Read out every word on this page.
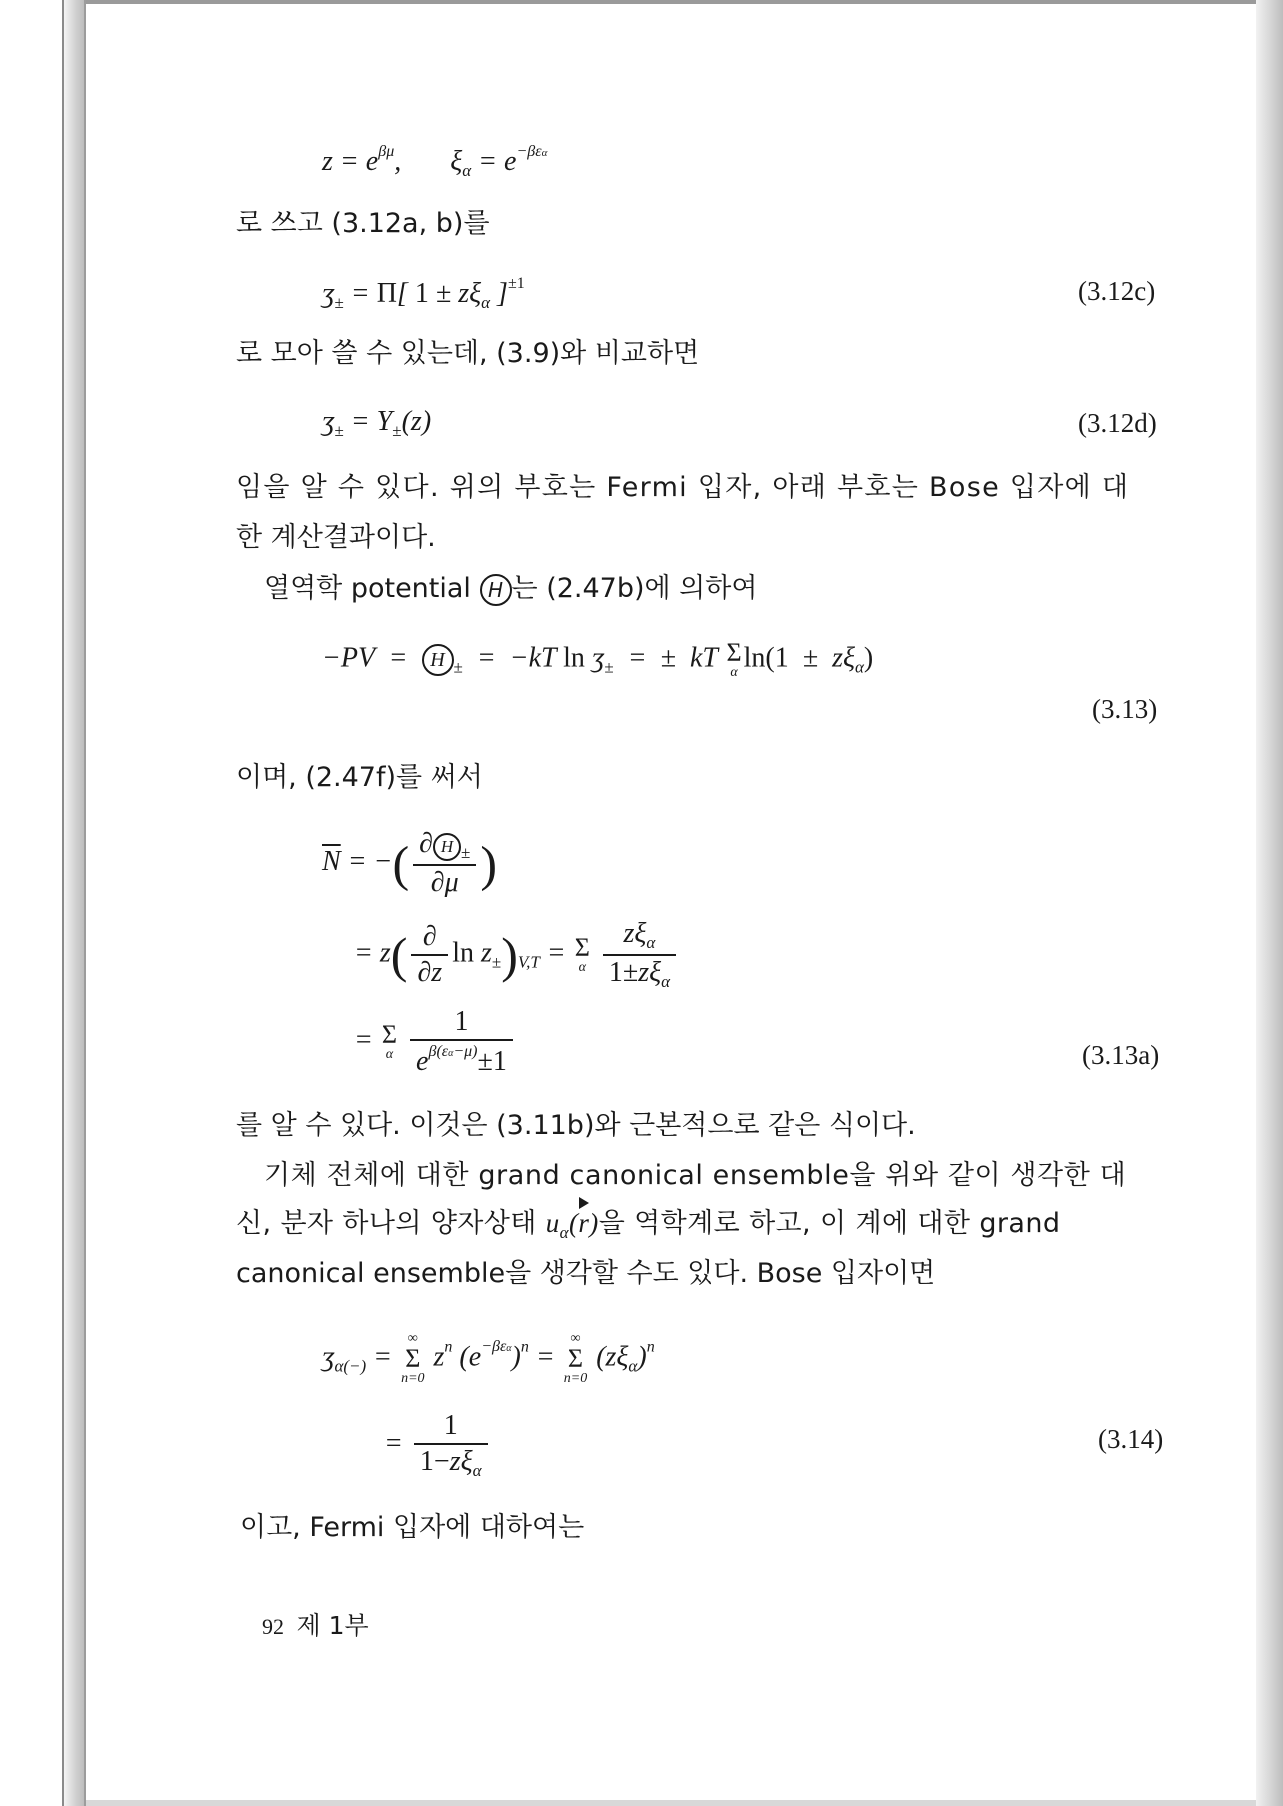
$z = e^{\beta\mu}$,       $\xi_\alpha = e^{-\beta\varepsilon\alpha}$
로 쓰고 (3.12a, b)를
ʒ$_\pm$ = Π[ $1 \pm z\xi_\alpha$ ]$^{\pm 1}$	(3.12c)
로 모아 쓸 수 있는데, (3.9)와 비교하면
ʒ$_\pm$ = $Y_\pm(z)$	(3.12d)
임을 알 수 있다. 위의 부호는 Fermi 입자, 아래 부호는 Bose 입자에 대
한 계산결과이다.
열역학 potential H 는 (2.47b)에 의하여
−PV  =  H $_\pm$  =  −kT ln ʒ$_\pm$  =  ±  kT Σ
α $\ln(1 \pm z\xi_\alpha)$
(3.13)
이며, (2.47f)를 써서
$\overline{N}$ = −( $\frac{\partial H _\pm}{\partial\mu}$ )
= $z( \frac{\partial}{\partial z}$ $\ln z_\pm)_{V,T} = \Sigma$
α
$\frac{z\xi_\alpha}{1\pm z\xi_\alpha}$
= Σ
α
$\frac{1}{e^{\beta(\varepsilon\alpha-\mu)}\pm 1}$	(3.13a)
를 알 수 있다. 이것은 (3.11b)와 근본적으로 같은 식이다.
기체 전체에 대한 grand canonical ensemble을 위와 같이 생각한 대
신, 분자 하나의 양자상태 $u_\alpha(r)$을 역학계로 하고, 이 계에 대한 grand
canonical ensemble을 생각할 수도 있다. Bose 입자이면
ʒ$_{\alpha(-)}$ =
∞
Σ
n=0
$z^n$ $(e^{-\beta\varepsilon\alpha})^n$ =
∞
Σ
n=0
$(z\xi_\alpha)^n$
= $\frac{1}{1-z\xi_\alpha}$	(3.14)
이고, Fermi 입자에 대하여는
92 제 1부
